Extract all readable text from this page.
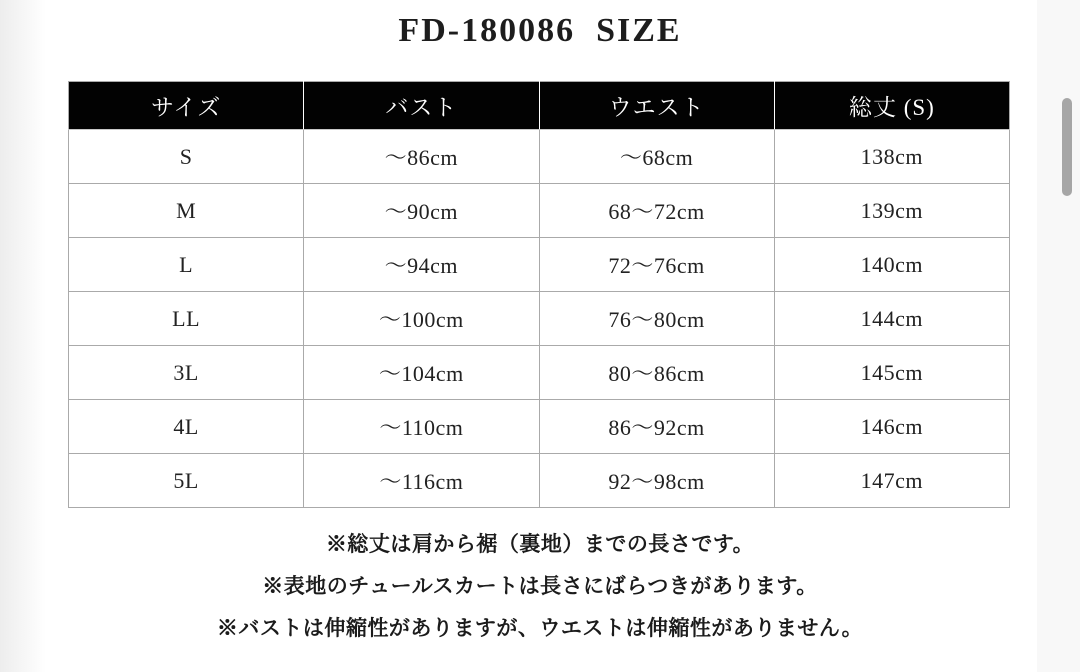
FD-180086  SIZE
サイズ	バスト	ウエスト	総丈 (S)
S	～86cm	～68cm	138cm
M	～90cm	68～72cm	139cm
L	～94cm	72～76cm	140cm
LL	～100cm	76～80cm	144cm
3L	～104cm	80～86cm	145cm
4L	～110cm	86～92cm	146cm
5L	～116cm	92～98cm	147cm
※総丈は肩から裾（裏地）までの長さです。
※表地のチュールスカートは長さにばらつきがあります。
※バストは伸縮性がありますが、ウエストは伸縮性がありません。
